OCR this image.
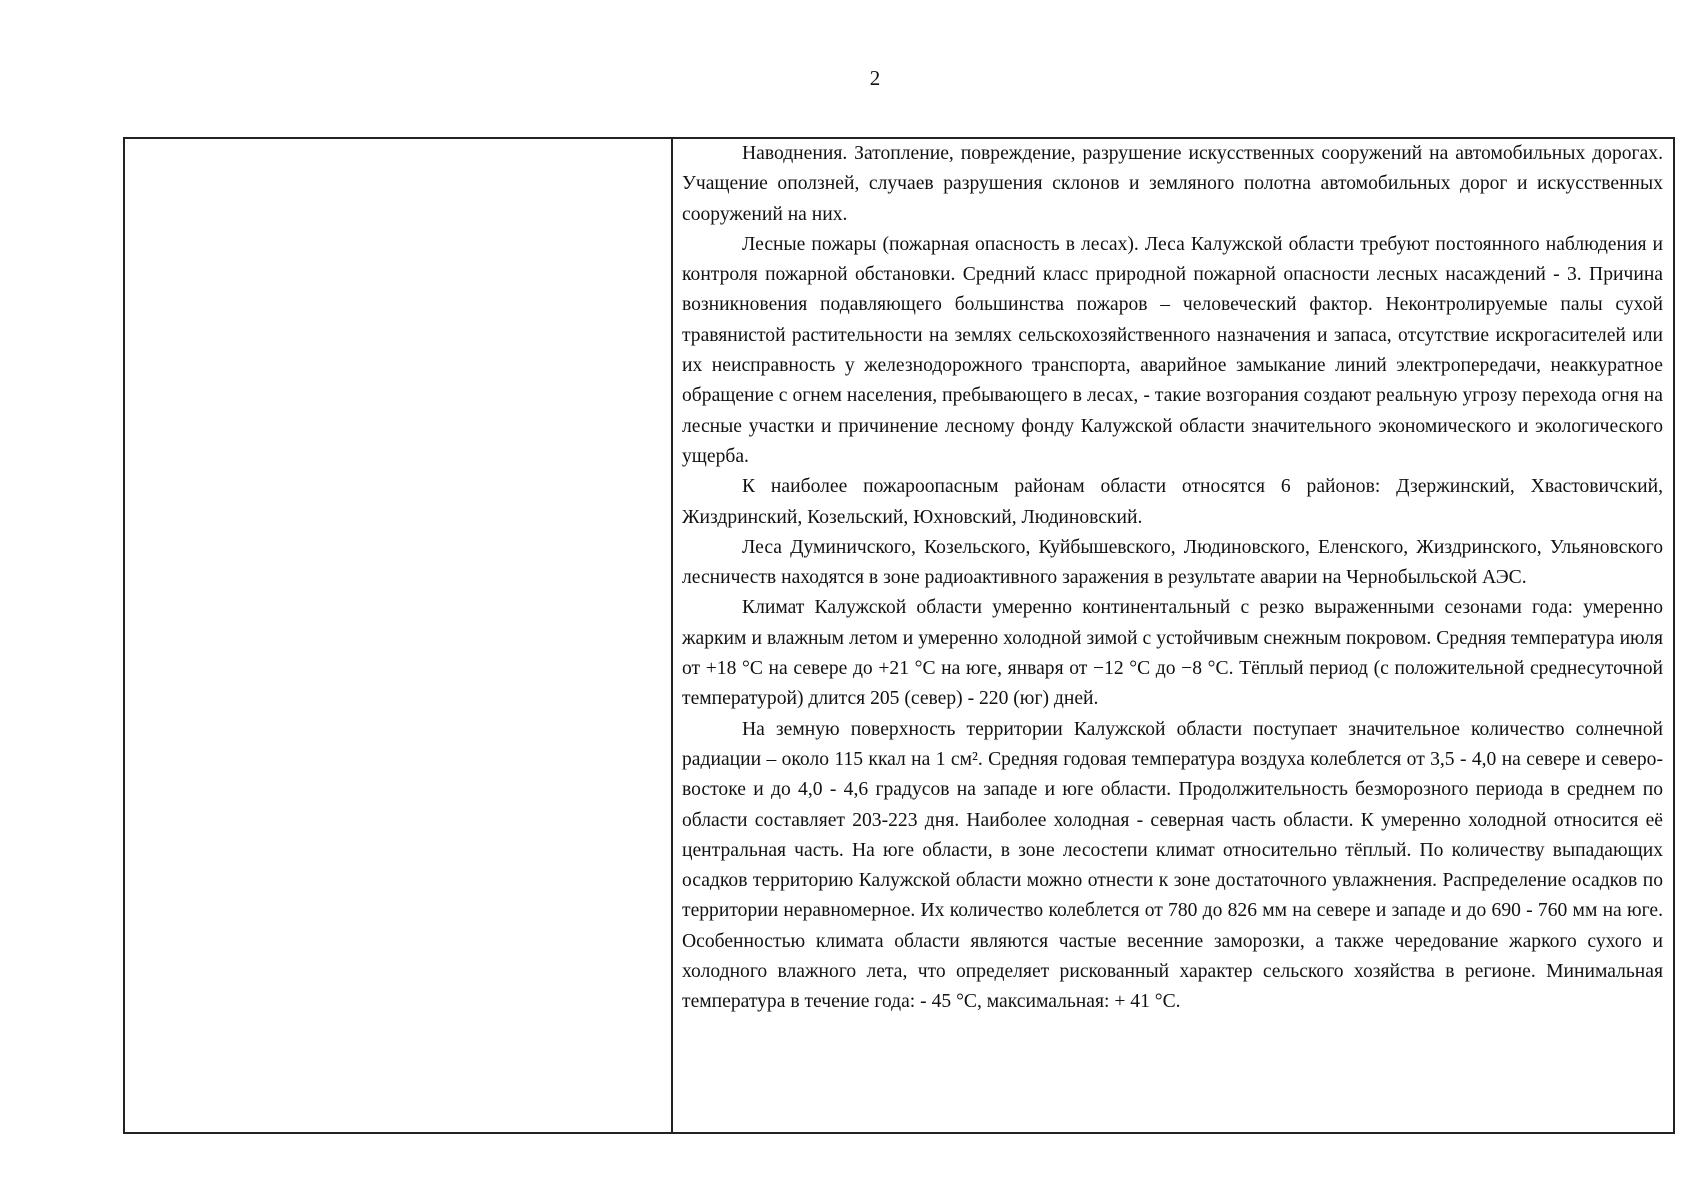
2

Наводнения. Затопление, повреждение, разрушение искусственных сооружений на автомобильных дорогах. Учащение оползней, случаев разрушения склонов и земляного полотна автомобильных дорог и искусственных сооружений на них.

Лесные пожары (пожарная опасность в лесах). Леса Калужской области требуют постоянного наблюдения и контроля пожарной обстановки. Средний класс природной пожарной опасности лесных насаждений - 3. Причина возникновения подавляющего большинства пожаров – человеческий фактор. Неконтролируемые палы сухой травянистой растительности на землях сельскохозяйственного назначения и запаса, отсутствие искрогасителей или их неисправность у железнодорожного транспорта, аварийное замыкание линий электропередачи, неаккуратное обращение с огнем населения, пребывающего в лесах, - такие возгорания создают реальную угрозу перехода огня на лесные участки и причинение лесному фонду Калужской области значительного экономического и экологического ущерба.

К наиболее пожароопасным районам области относятся 6 районов: Дзержинский, Хвастовичский, Жиздринский, Козельский, Юхновский, Людиновский.

Леса Думиничского, Козельского, Куйбышевского, Людиновского, Еленского, Жиздринского, Ульяновского лесничеств находятся в зоне радиоактивного заражения в результате аварии на Чернобыльской АЭС.

Климат Калужской области умеренно континентальный с резко выраженными сезонами года: умеренно жарким и влажным летом и умеренно холодной зимой с устойчивым снежным покровом. Средняя температура июля от +18 °С на севере до +21 °С на юге, января от −12 °С до −8 °С. Тёплый период (с положительной среднесуточной температурой) длится 205 (север) - 220 (юг) дней.

На земную поверхность территории Калужской области поступает значительное количество солнечной радиации – около 115 ккал на 1 см². Средняя годовая температура воздуха колеблется от 3,5 - 4,0 на севере и северо-востоке и до 4,0 - 4,6 градусов на западе и юге области. Продолжительность безморозного периода в среднем по области составляет 203-223 дня. Наиболее холодная - северная часть области. К умеренно холодной относится её центральная часть. На юге области, в зоне лесостепи климат относительно тёплый. По количеству выпадающих осадков территорию Калужской области можно отнести к зоне достаточного увлажнения. Распределение осадков по территории неравномерное. Их количество колеблется от 780 до 826 мм на севере и западе и до 690 - 760 мм на юге. Особенностью климата области являются частые весенние заморозки, а также чередование жаркого сухого и холодного влажного лета, что определяет рискованный характер сельского хозяйства в регионе. Минимальная температура в течение года: - 45 °С, максимальная: + 41 °С.
